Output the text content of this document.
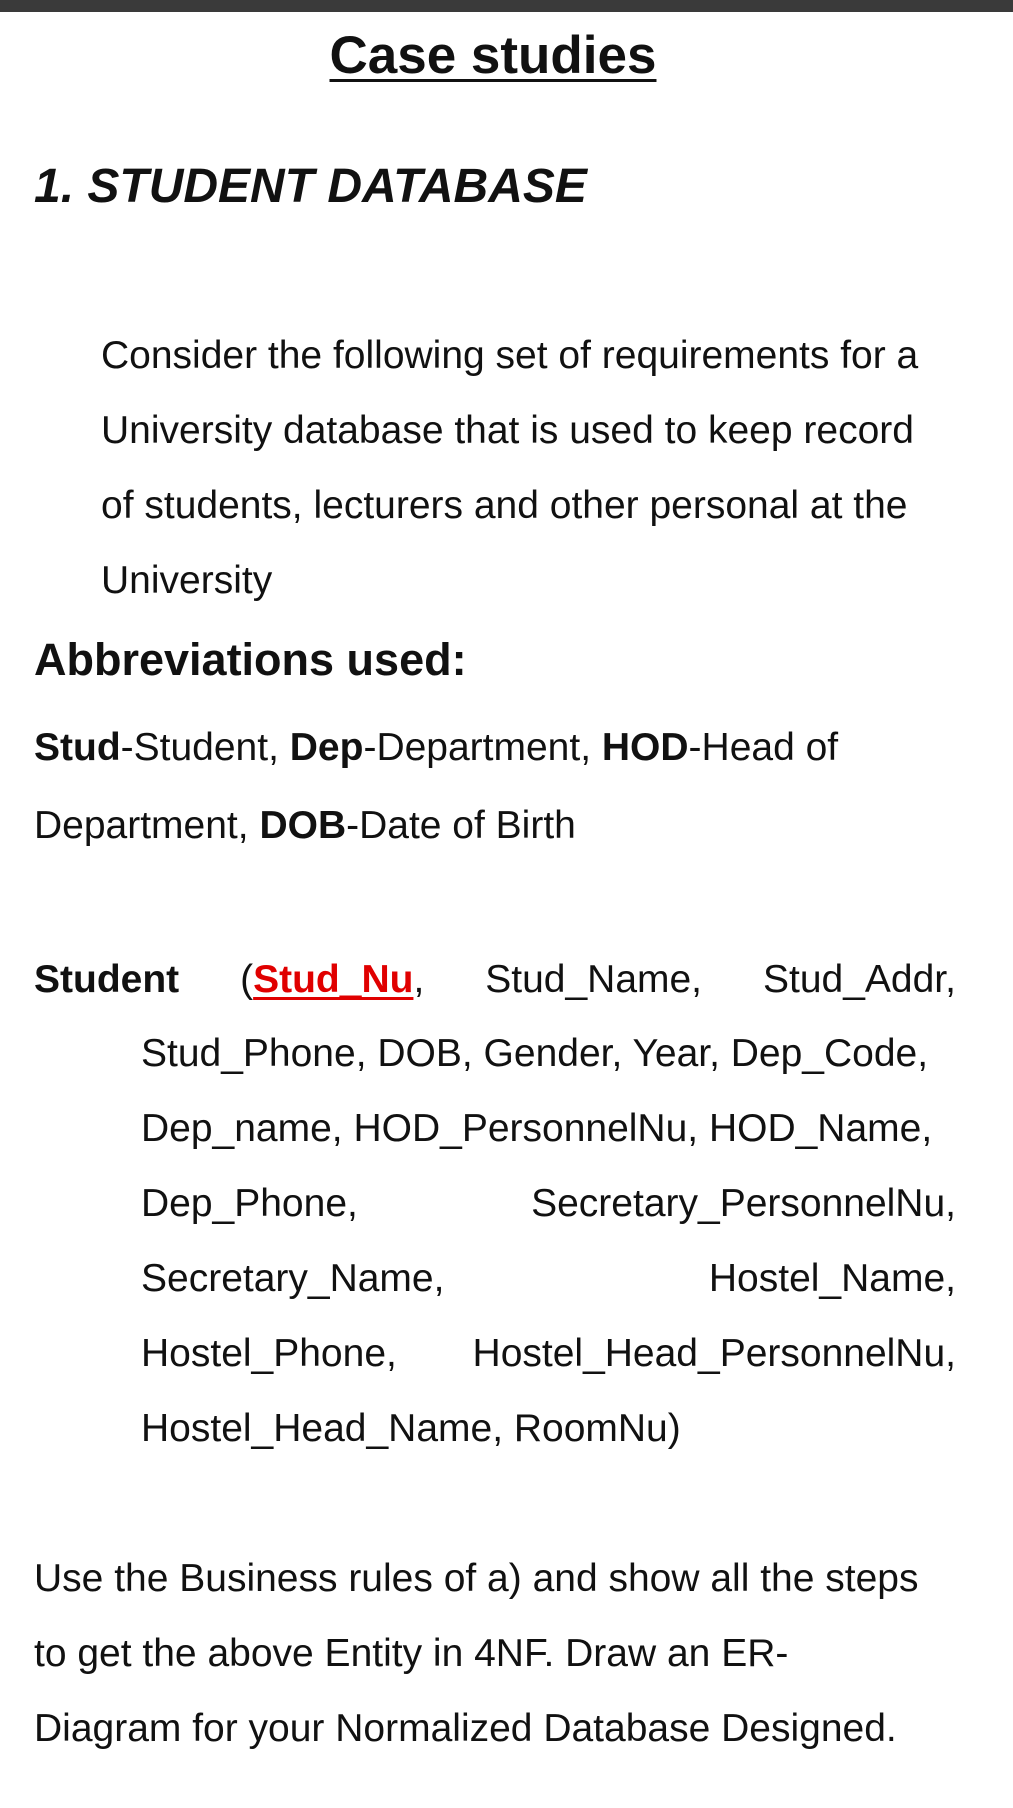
Case studies
1. STUDENT DATABASE
Consider the following set of requirements for a
University database that is used to keep record
of students, lecturers and other personal at the
University
Abbreviations used:
Stud-Student, Dep-Department, HOD-Head of
Department, DOB-Date of Birth
Student (Stud_Nu, Stud_Name, Stud_Addr,
Stud_Phone, DOB, Gender, Year, Dep_Code,
Dep_name, HOD_PersonnelNu, HOD_Name,
Dep_Phone,	Secretary_PersonnelNu,
Secretary_Name,	Hostel_Name,
Hostel_Phone, Hostel_Head_PersonnelNu,
Hostel_Head_Name, RoomNu)
Use the Business rules of a) and show all the steps
to get the above Entity in 4NF. Draw an ER-
Diagram for your Normalized Database Designed.
